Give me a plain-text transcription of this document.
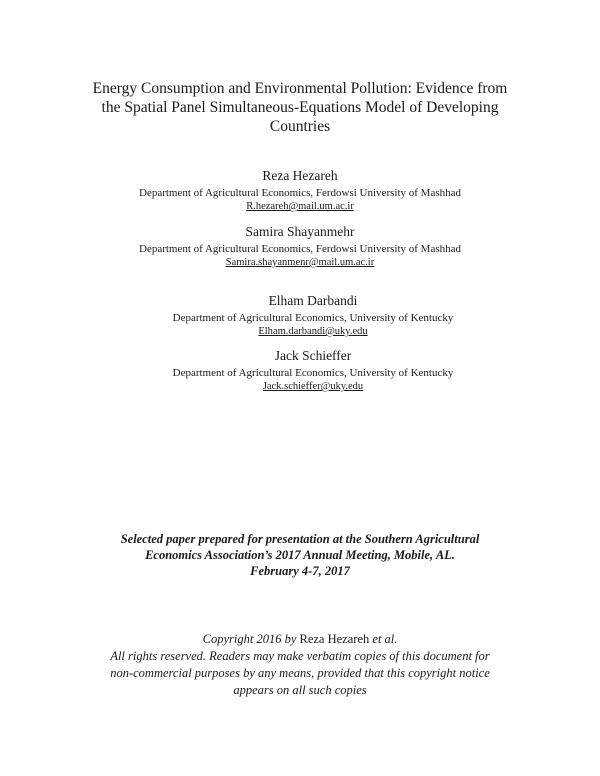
Energy Consumption and Environmental Pollution: Evidence from
the Spatial Panel Simultaneous-Equations Model of Developing
Countries
Reza Hezareh
Department of Agricultural Economics, Ferdowsi University of Mashhad
R.hezareh@mail.um.ac.ir
Samira Shayanmehr
Department of Agricultural Economics, Ferdowsi University of Mashhad
Samira.shayanmenr@mail.um.ac.ir
Elham Darbandi
Department of Agricultural Economics, University of Kentucky
Elham.darbandi@uky.edu
Jack Schieffer
Department of Agricultural Economics, University of Kentucky
Jack.schieffer@uky.edu
Selected paper prepared for presentation at the Southern Agricultural
Economics Association’s 2017 Annual Meeting, Mobile, AL.
February 4-7, 2017
Copyright 2016 by Reza Hezareh et al.
All rights reserved. Readers may make verbatim copies of this document for
non-commercial purposes by any means, provided that this copyright notice
appears on all such copies
